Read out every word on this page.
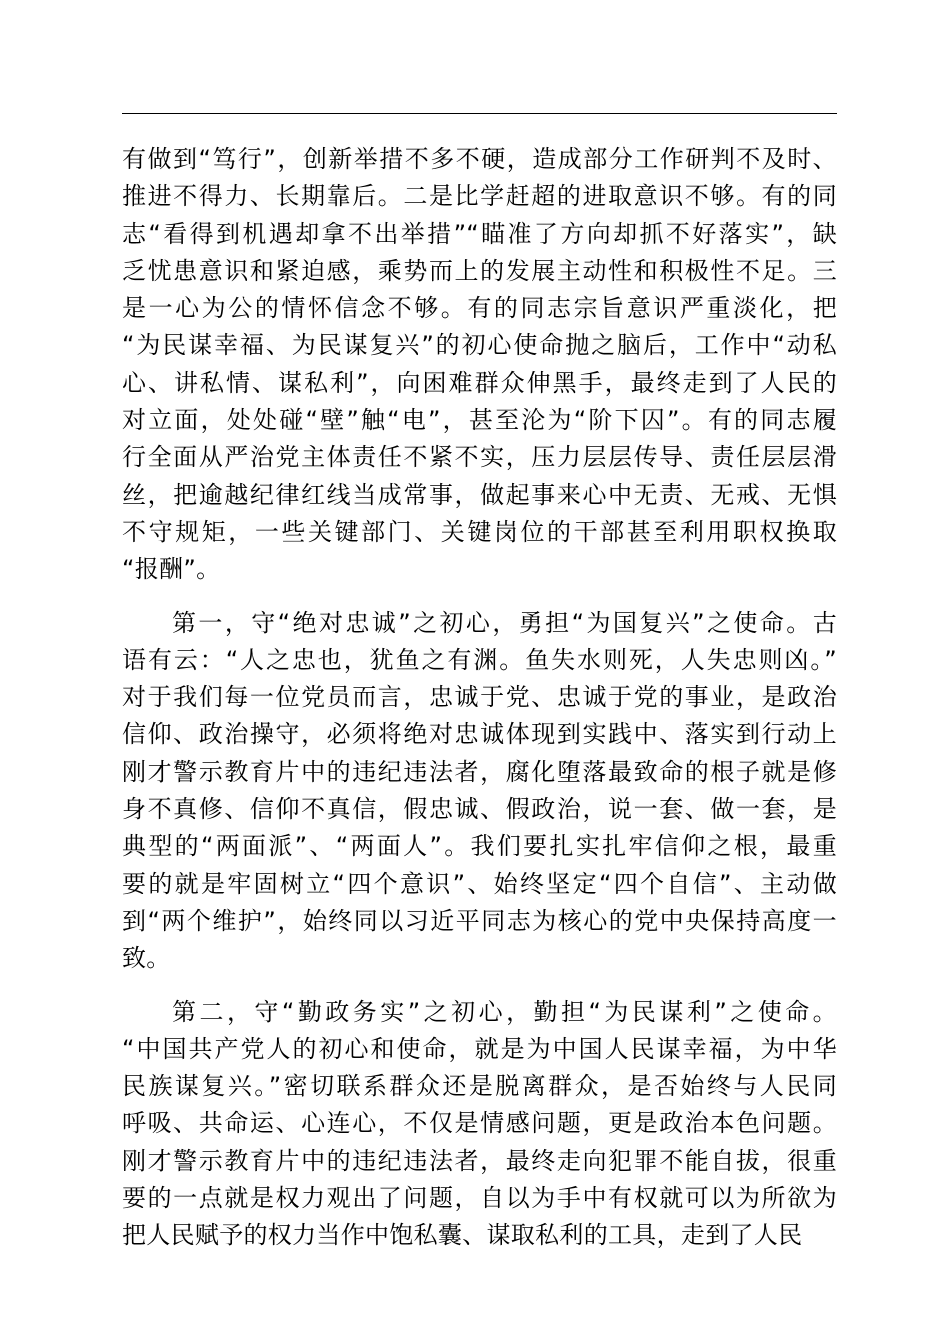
有做到“笃行”，创新举措不多不硬，造成部分工作研判不及时、
推进不得力、长期靠后。二是比学赶超的进取意识不够。有的同
志“看得到机遇却拿不出举措”“瞄准了方向却抓不好落实”，缺
乏忧患意识和紧迫感，乘势而上的发展主动性和积极性不足。三
是一心为公的情怀信念不够。有的同志宗旨意识严重淡化，把
“为民谋幸福、为民谋复兴”的初心使命抛之脑后，工作中“动私
心、讲私情、谋私利”，向困难群众伸黑手，最终走到了人民的
对立面，处处碰“壁”触“电”，甚至沦为“阶下囚”。有的同志履
行全面从严治党主体责任不紧不实，压力层层传导、责任层层滑
丝，把逾越纪律红线当成常事，做起事来心中无责、无戒、无惧
不守规矩，一些关键部门、关键岗位的干部甚至利用职权换取
“报酬”。
第一，守“绝对忠诚”之初心，勇担“为国复兴”之使命。古
语有云：“人之忠也，犹鱼之有渊。鱼失水则死，人失忠则凶。”
对于我们每一位党员而言，忠诚于党、忠诚于党的事业，是政治
信仰、政治操守，必须将绝对忠诚体现到实践中、落实到行动上
刚才警示教育片中的违纪违法者，腐化堕落最致命的根子就是修
身不真修、信仰不真信，假忠诚、假政治，说一套、做一套，是
典型的“两面派”、“两面人”。我们要扎实扎牢信仰之根，最重
要的就是牢固树立“四个意识”、始终坚定“四个自信”、主动做
到“两个维护”，始终同以习近平同志为核心的党中央保持高度一
致。
第二，守“勤政务实”之初心，勤担“为民谋利”之使命。
“中国共产党人的初心和使命，就是为中国人民谋幸福，为中华
民族谋复兴。”密切联系群众还是脱离群众，是否始终与人民同
呼吸、共命运、心连心，不仅是情感问题，更是政治本色问题。
刚才警示教育片中的违纪违法者，最终走向犯罪不能自拔，很重
要的一点就是权力观出了问题，自以为手中有权就可以为所欲为
把人民赋予的权力当作中饱私囊、谋取私利的工具，走到了人民
